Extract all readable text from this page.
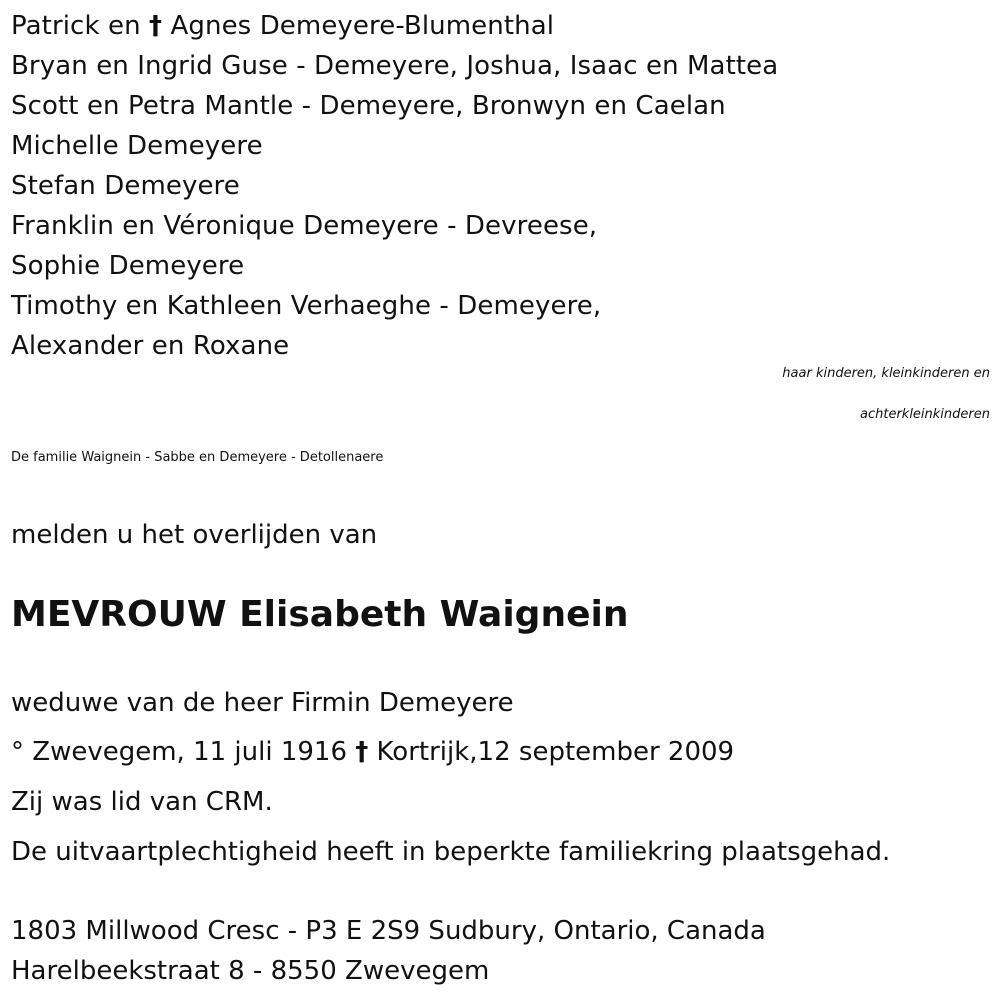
Patrick en † Agnes Demeyere-Blumenthal
Bryan en Ingrid Guse - Demeyere, Joshua, Isaac en Mattea
Scott en Petra Mantle - Demeyere, Bronwyn en Caelan
Michelle Demeyere
Stefan Demeyere
Franklin en Véronique Demeyere - Devreese,
Sophie Demeyere
Timothy en Kathleen Verhaeghe - Demeyere,
Alexander en Roxane
haar kinderen, kleinkinderen en
achterkleinkinderen
De familie Waignein - Sabbe en Demeyere - Detollenaere
melden u het overlijden van
MEVROUW Elisabeth Waignein
weduwe van de heer Firmin Demeyere
° Zwevegem, 11 juli 1916 † Kortrijk,12 september 2009
Zij was lid van CRM.
De uitvaartplechtigheid heeft in beperkte familiekring plaatsgehad.
1803 Millwood Cresc - P3 E 2S9 Sudbury, Ontario, Canada
Harelbeekstraat 8 - 8550 Zwevegem
